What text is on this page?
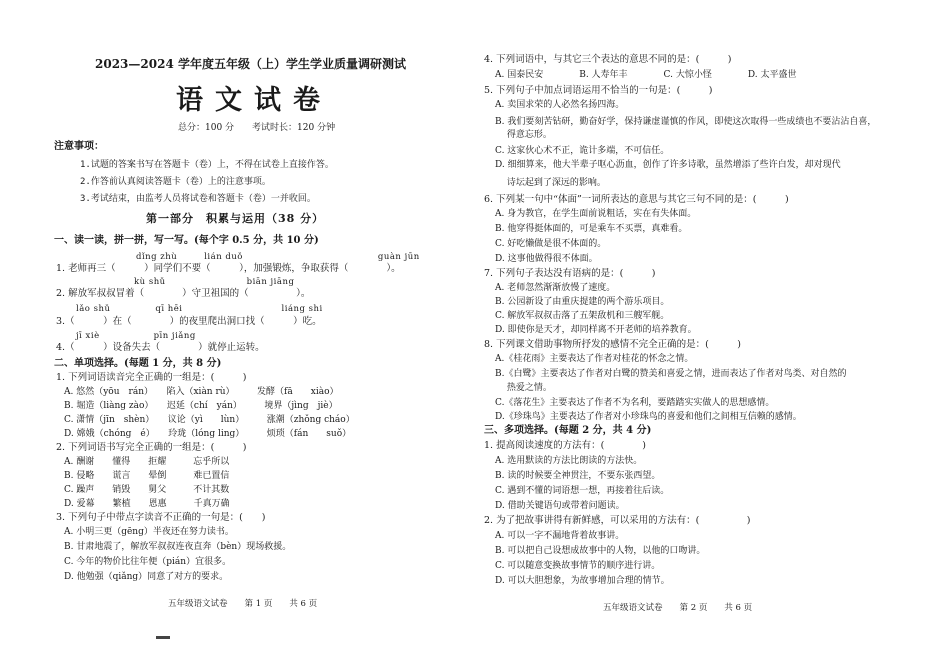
2023—2024 学年度五年级（上）学生学业质量调研测试
语文试卷
总分：100 分　　考试时长：120 分钟
注意事项：
1.试题的答案书写在答题卡（卷）上，不得在试卷上直接作答。
2.作答前认真阅读答题卡（卷）上的注意事项。
3.考试结束，由监考人员将试卷和答题卡（卷）一并收回。
第一部分　积累与运用（38 分）
一、读一读，拼一拼，写一写。(每个字 0.5 分，共 10 分)
dǐng zhù　　　lián duǒ　　　　　　　　　　　　　　　guàn jūn
1. 老师再三（　　　）同学们不要（　　　），加强锻炼，争取获得（　　　　）。
kù shǔ　　　　　　　　　biān jiāng
2. 解放军叔叔冒着（　　　　）守卫祖国的（　　　　　）。
lǎo shǔ　　　　　qī hēi　　　　　　　　　　　liáng shi
3.（　　　）在（　　　　）的夜里爬出洞口找（　　　）吃。
jī xiè　　　　　　pīn jiǎng
4.（　　　）设备失去（　　　　）就停止运转。
二、单项选择。(每题 1 分，共 8 分)
1. 下列词语读音完全正确的一组是：(　　　)
A. 悠然（yōu　rán）　　陷入（xiàn rù）　　　发酵（fā　　xiào）
B. 堀造（liàng zào）　　迟延（chí　yán）　　　境界（jìng　jiè）
C. 潇情（jīn　shèn）　　议论（yì　　lùn）　　　涨潮（zhǒng cháo）
D. 嫦娥（chóng　é）　　玲珑（lóng ling）　　　烦琐（fán　　suǒ）
2. 下列词语书写完全正确的一组是：(　　　)
A. 酬谢　　懂得　　拒耀　　　忘乎所以
B. 侵略　　谎言　　晕倒　　　难已置信
C. 躁声　　销毁　　舅父　　　不计其数
D. 爱幕　　繁植　　恩惠　　　千真万确
3. 下列句子中带点字读音不正确的一句是：(　　)
A. 小明三更（gēng）半夜还在努力读书。
B. 甘肃地震了，解放军叔叔连夜直奔（bèn）现场救援。
C. 今年的物价比往年便（pián）宜很多。
D. 他勉强（qiǎng）同意了对方的要求。
五年级语文试卷　　第 1 页　　共 6 页
4. 下列词语中，与其它三个表达的意思不同的是：(　　　)
A. 国泰民安　　　　B. 人寿年丰　　　　C. 大惊小怪　　　　D. 太平盛世
5. 下列句子中加点词语运用不恰当的一句是：(　　　)
A. 卖国求荣的人必然名扬四海。
B. 我们要刻苦钻研，勤奋好学，保持谦虚谨慎的作风，即使这次取得一些成绩也不要沾沾自喜，
　 得意忘形。
C. 这家伙心术不正，诡计多端，不可信任。
D. 细细算来，他大半辈子呕心沥血，创作了许多诗歌，虽然增添了些许白发，却对现代
　 诗坛起到了深远的影响。
6. 下列某一句中“体面”一词所表达的意思与其它三句不同的是：(　　　)
A. 身为教官，在学生面前说粗话，实在有失体面。
B. 他穿得挺体面的，可是乘车不买票，真难看。
C. 好吃懒做是很不体面的。
D. 这事他做得很不体面。
7. 下列句子表达没有语病的是：(　　　)
A. 老师忽然渐渐放慢了速度。
B. 公园新设了由重庆提建的两个游乐项目。
C. 解放军叔叔击落了五架敌机和三艘军舰。
D. 即使你是天才，却同样离不开老师的培养教育。
8. 下列课文借助事物所抒发的感情不完全正确的是：(　　　)
A.《桂花雨》主要表达了作者对桂花的怀念之情。
B.《白鹭》主要表达了作者对白鹭的赞美和喜爱之情，进而表达了作者对鸟类、对自然的
　 热爱之情。
C.《落花生》主要表达了作者不为名利，要踏踏实实做人的思想感情。
D.《珍珠鸟》主要表达了作者对小珍珠鸟的喜爱和他们之间相互信赖的感情。
三、多项选择。(每题 2 分，共 4 分)
1. 提高阅读速度的方法有：(　　　　)
A. 选用默读的方法比朗读的方法快。
B. 读的时候要全神贯注，不要东张西望。
C. 遇到不懂的词语想一想，再接着往后读。
D. 借助关键语句或带着问题读。
2. 为了把故事讲得有新鲜感，可以采用的方法有：(　　　　　)
A. 可以一字不漏地背着故事讲。
B. 可以把自己设想成故事中的人物，以他的口吻讲。
C. 可以随意变换故事情节的顺序进行讲。
D. 可以大胆想象，为故事增加合理的情节。
五年级语文试卷　　第 2 页　　共 6 页
